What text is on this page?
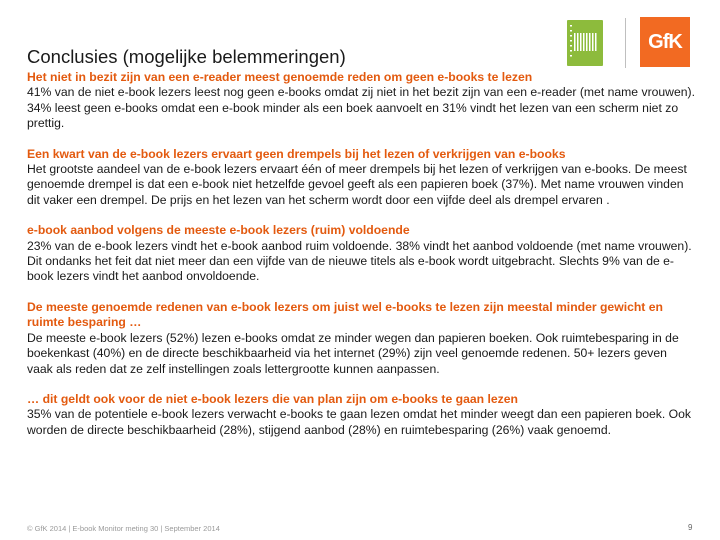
Conclusies (mogelijke belemmeringen)
GfK
Het niet in bezit zijn van een e-reader meest genoemde reden om geen e-books te lezen
41% van de niet e-book lezers leest nog geen e-books omdat zij niet in het bezit zijn van een e-reader (met name vrouwen). 34% leest geen e-books omdat een e-book minder als een boek aanvoelt en 31% vindt het lezen van een scherm niet zo prettig.
Een kwart van de e-book lezers ervaart geen drempels bij het lezen of verkrijgen van e-books
Het grootste aandeel van de e-book lezers ervaart één of meer drempels bij het lezen of verkrijgen van e-books. De meest genoemde drempel is dat een e-book niet hetzelfde gevoel geeft als een papieren boek (37%). Met name vrouwen vinden dit vaker een drempel. De prijs en het lezen van het scherm wordt door een vijfde deel als drempel ervaren .
e-book aanbod volgens de meeste e-book lezers (ruim) voldoende
23% van de e-book lezers vindt het e-book aanbod ruim voldoende. 38% vindt het aanbod voldoende (met name vrouwen). Dit ondanks het feit dat niet meer dan een vijfde van de nieuwe titels als e-book wordt uitgebracht. Slechts 9% van de e-book lezers vindt het aanbod onvoldoende.
De meeste genoemde redenen van e-book lezers om juist wel e-books te lezen zijn meestal minder gewicht en ruimte besparing …
De meeste e-book lezers (52%) lezen e-books omdat ze minder wegen dan papieren boeken. Ook ruimtebesparing in de boekenkast (40%) en de directe beschikbaarheid via het internet (29%) zijn veel genoemde redenen. 50+ lezers geven vaak als reden dat ze zelf instellingen zoals lettergrootte kunnen aanpassen.
… dit geldt ook voor de niet e-book lezers die van plan zijn om e-books te gaan lezen
35% van de potentiele e-book lezers verwacht e-books te gaan lezen omdat het minder weegt dan een papieren boek. Ook worden de directe beschikbaarheid (28%), stijgend aanbod (28%) en ruimtebesparing (26%) vaak genoemd.
© GfK 2014 | E-book Monitor meting 30 | September 2014	9
